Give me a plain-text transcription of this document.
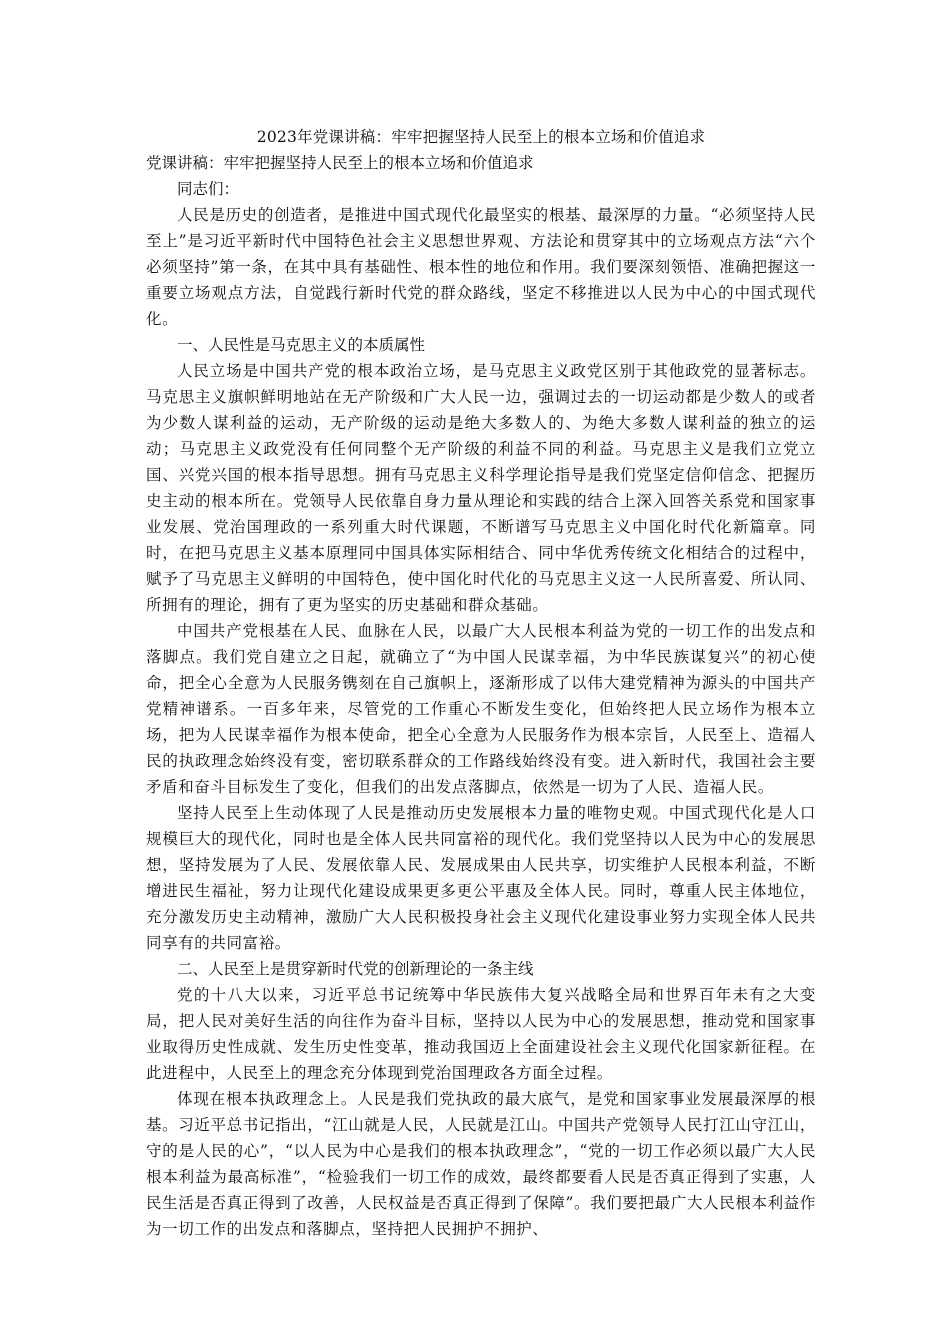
2023年党课讲稿：牢牢把握坚持人民至上的根本立场和价值追求

党课讲稿：牢牢把握坚持人民至上的根本立场和价值追求

同志们：

人民是历史的创造者，是推进中国式现代化最坚实的根基、最深厚的力量。“必须坚持人民至上”是习近平新时代中国特色社会主义思想世界观、方法论和贯穿其中的立场观点方法“六个必须坚持”第一条，在其中具有基础性、根本性的地位和作用。我们要深刻领悟、准确把握这一重要立场观点方法，自觉践行新时代党的群众路线，坚定不移推进以人民为中心的中国式现代化。

一、人民性是马克思主义的本质属性

人民立场是中国共产党的根本政治立场，是马克思主义政党区别于其他政党的显著标志。马克思主义旗帜鲜明地站在无产阶级和广大人民一边，强调过去的一切运动都是少数人的或者为少数人谋利益的运动，无产阶级的运动是绝大多数人的、为绝大多数人谋利益的独立的运动；马克思主义政党没有任何同整个无产阶级的利益不同的利益。马克思主义是我们立党立国、兴党兴国的根本指导思想。拥有马克思主义科学理论指导是我们党坚定信仰信念、把握历史主动的根本所在。党领导人民依靠自身力量从理论和实践的结合上深入回答关系党和国家事业发展、党治国理政的一系列重大时代课题，不断谱写马克思主义中国化时代化新篇章。同时，在把马克思主义基本原理同中国具体实际相结合、同中华优秀传统文化相结合的过程中，赋予了马克思主义鲜明的中国特色，使中国化时代化的马克思主义这一人民所喜爱、所认同、所拥有的理论，拥有了更为坚实的历史基础和群众基础。

中国共产党根基在人民、血脉在人民，以最广大人民根本利益为党的一切工作的出发点和落脚点。我们党自建立之日起，就确立了“为中国人民谋幸福，为中华民族谋复兴”的初心使命，把全心全意为人民服务镌刻在自己旗帜上，逐渐形成了以伟大建党精神为源头的中国共产党精神谱系。一百多年来，尽管党的工作重心不断发生变化，但始终把人民立场作为根本立场，把为人民谋幸福作为根本使命，把全心全意为人民服务作为根本宗旨，人民至上、造福人民的执政理念始终没有变，密切联系群众的工作路线始终没有变。进入新时代，我国社会主要矛盾和奋斗目标发生了变化，但我们的出发点落脚点，依然是一切为了人民、造福人民。

坚持人民至上生动体现了人民是推动历史发展根本力量的唯物史观。中国式现代化是人口规模巨大的现代化，同时也是全体人民共同富裕的现代化。我们党坚持以人民为中心的发展思想，坚持发展为了人民、发展依靠人民、发展成果由人民共享，切实维护人民根本利益，不断增进民生福祉，努力让现代化建设成果更多更公平惠及全体人民。同时，尊重人民主体地位，充分激发历史主动精神，激励广大人民积极投身社会主义现代化建设事业努力实现全体人民共同享有的共同富裕。

二、人民至上是贯穿新时代党的创新理论的一条主线

党的十八大以来，习近平总书记统筹中华民族伟大复兴战略全局和世界百年未有之大变局，把人民对美好生活的向往作为奋斗目标，坚持以人民为中心的发展思想，推动党和国家事业取得历史性成就、发生历史性变革，推动我国迈上全面建设社会主义现代化国家新征程。在此进程中，人民至上的理念充分体现到党治国理政各方面全过程。

体现在根本执政理念上。人民是我们党执政的最大底气，是党和国家事业发展最深厚的根基。习近平总书记指出，“江山就是人民，人民就是江山。中国共产党领导人民打江山守江山，守的是人民的心”，“以人民为中心是我们的根本执政理念”，“党的一切工作必须以最广大人民根本利益为最高标准”，“检验我们一切工作的成效，最终都要看人民是否真正得到了实惠，人民生活是否真正得到了改善，人民权益是否真正得到了保障”。我们要把最广大人民根本利益作为一切工作的出发点和落脚点，坚持把人民拥护不拥护、
